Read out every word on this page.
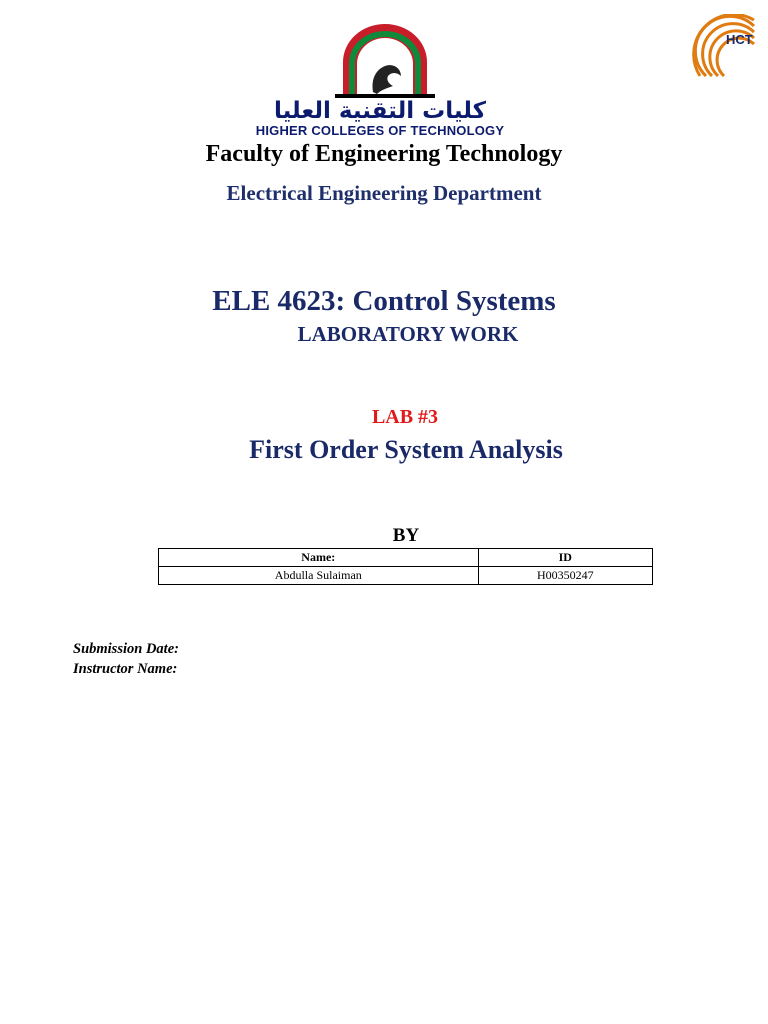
HCT
كليات التقنية العليا
HIGHER COLLEGES OF TECHNOLOGY
Faculty of Engineering Technology
Electrical Engineering Department
ELE 4623: Control Systems
LABORATORY WORK
LAB #3
First Order System Analysis
BY
Name:	ID
Abdulla Sulaiman	H00350247
Submission Date:
Instructor Name:
